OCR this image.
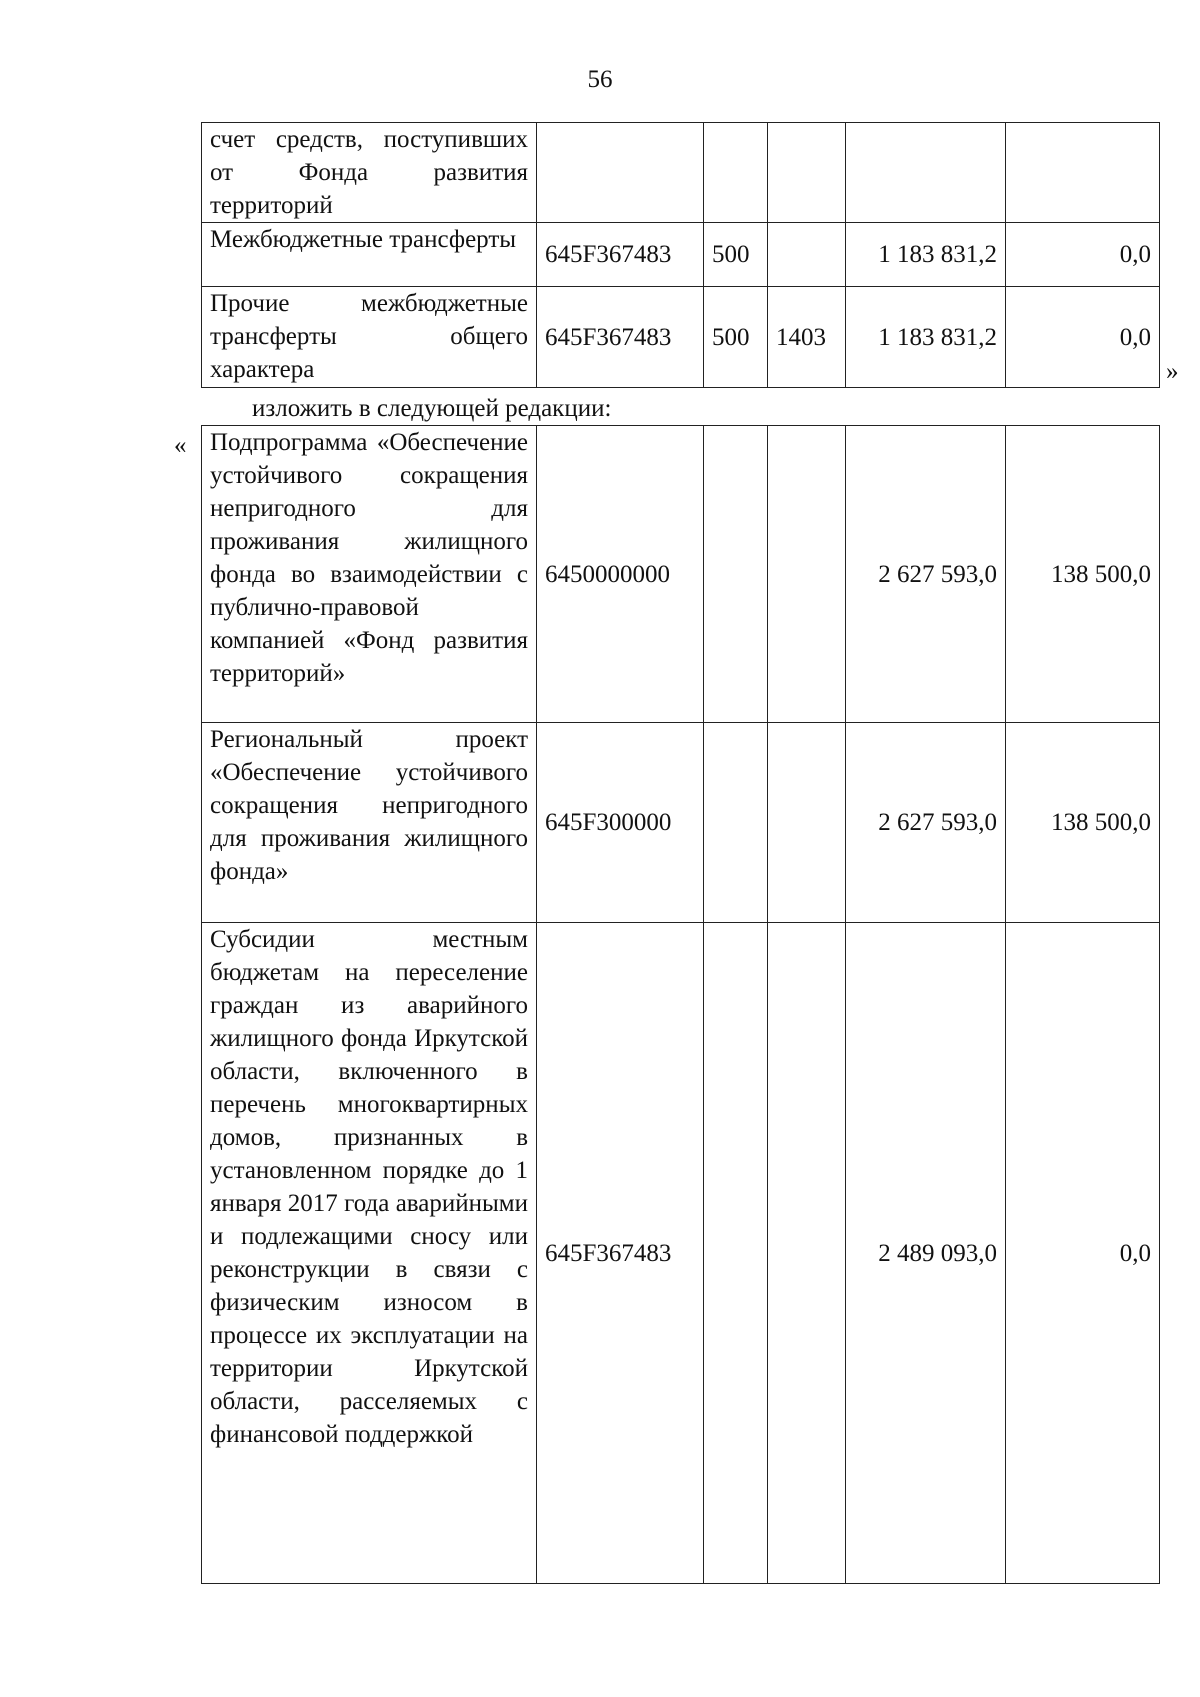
56
счет средств, поступивших от Фонда развития территорий					
Межбюджетные трансферты	645F367483	500		1 183 831,2	0,0
Прочие межбюджетные трансферты общего характера	645F367483	500	1403	1 183 831,2	0,0
»
изложить в следующей редакции:
« Подпрограмма «Обеспечение устойчивого сокращения непригодного для проживания жилищного фонда во взаимодействии с публично-правовой компанией «Фонд развития территорий»	6450000000			2 627 593,0	138 500,0
Региональный проект «Обеспечение устойчивого сокращения непригодного для проживания жилищного фонда»	645F300000			2 627 593,0	138 500,0
Субсидии местным бюджетам на переселение граждан из аварийного жилищного фонда Иркутской области, включенного в перечень многоквартирных домов, признанных в установленном порядке до 1 января 2017 года аварийными и подлежащими сносу или реконструкции в связи с физическим износом в процессе их эксплуатации на территории Иркутской области, расселяемых с финансовой поддержкой	645F367483			2 489 093,0	0,0
